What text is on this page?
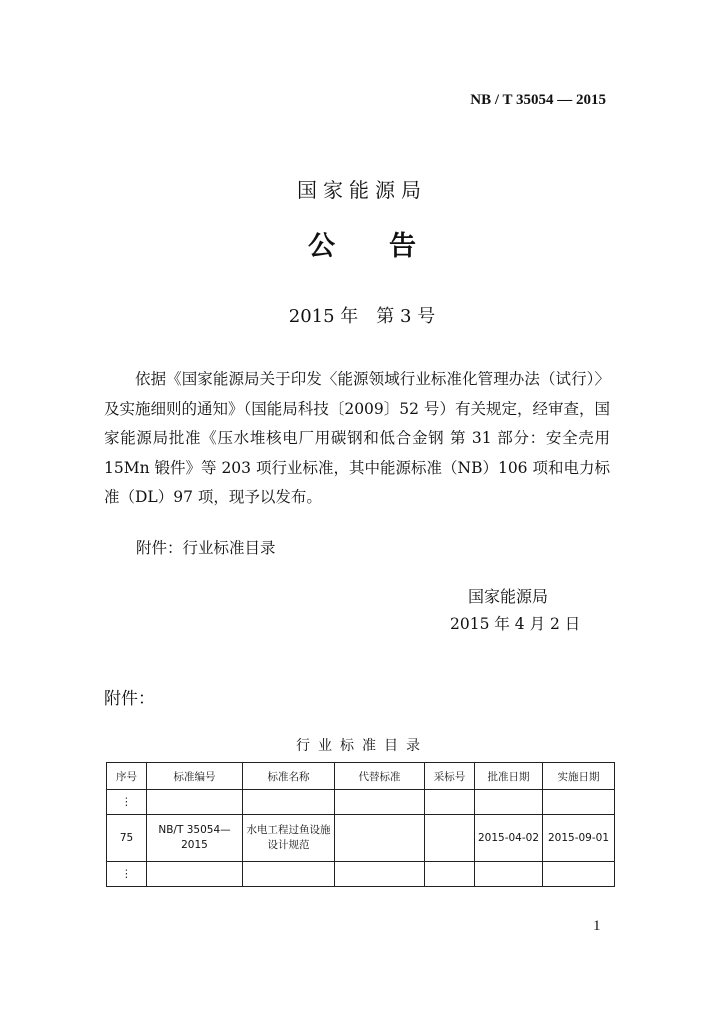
NB / T 35054 — 2015
国家能源局
公告
2015 年　第 3 号
依据《国家能源局关于印发〈能源领域行业标准化管理办法（试行）〉及实施细则的通知》（国能局科技〔2009〕52 号）有关规定，经审查，国家能源局批准《压水堆核电厂用碳钢和低合金钢 第 31 部分：安全壳用 15Mn 锻件》等 203 项行业标准，其中能源标准（NB）106 项和电力标准（DL）97 项，现予以发布。
附件：行业标准目录
国家能源局
2015 年 4 月 2 日
附件：
行业标准目录
序号	标准编号	标准名称	代替标准	采标号	批准日期	实施日期
⋮						
75	NB/T 35054—2015	水电工程过鱼设施设计规范			2015-04-02	2015-09-01
⋮						
1
